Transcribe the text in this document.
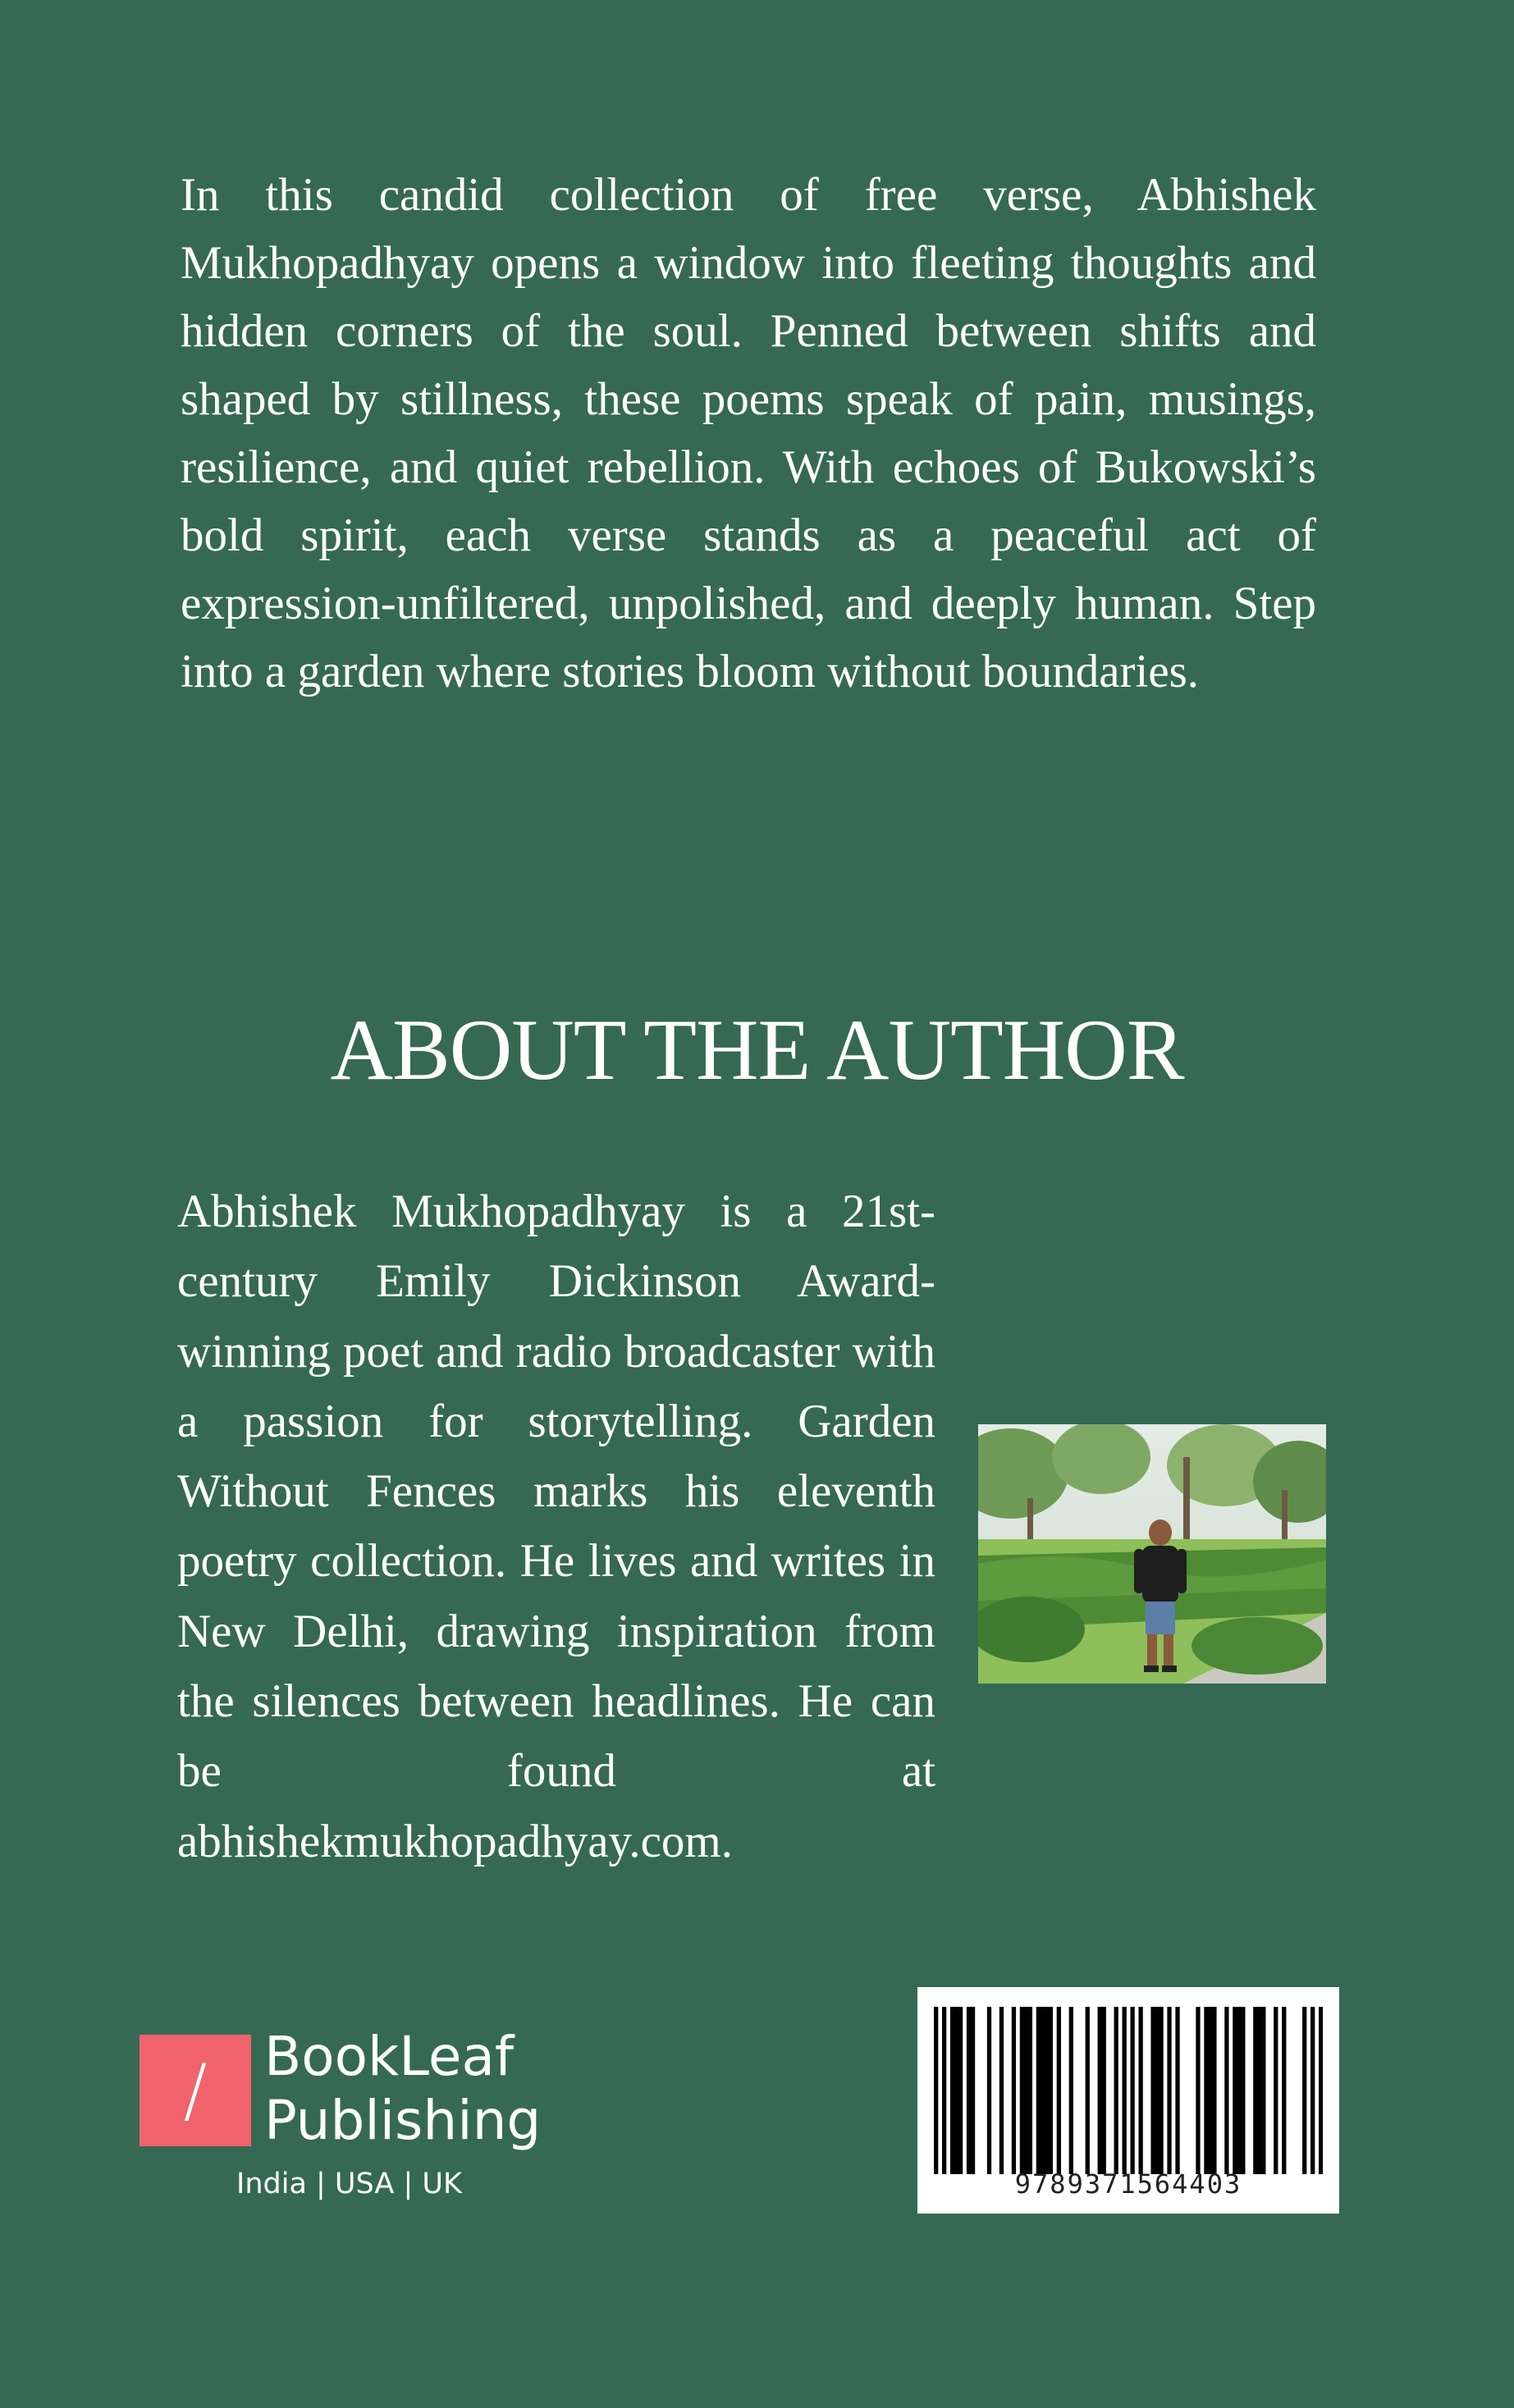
In this candid collection of free verse, Abhishek Mukhopadhyay opens a window into fleeting thoughts and hidden corners of the soul. Penned between shifts and shaped by stillness, these poems speak of pain, musings, resilience, and quiet rebellion. With echoes of Bukowski’s bold spirit, each verse stands as a peaceful act of expression-unfiltered, unpolished, and deeply human. Step into a garden where stories bloom without boundaries.

ABOUT THE AUTHOR

Abhishek Mukhopadhyay is a 21st-century Emily Dickinson Award-winning poet and radio broadcaster with a passion for storytelling. Garden Without Fences marks his eleventh poetry collection. He lives and writes in New Delhi, drawing inspiration from the silences between headlines. He can be found at abhishekmukhopadhyay.com.

/	BookLeaf
Publishing
India | USA | UK	9789371564403
